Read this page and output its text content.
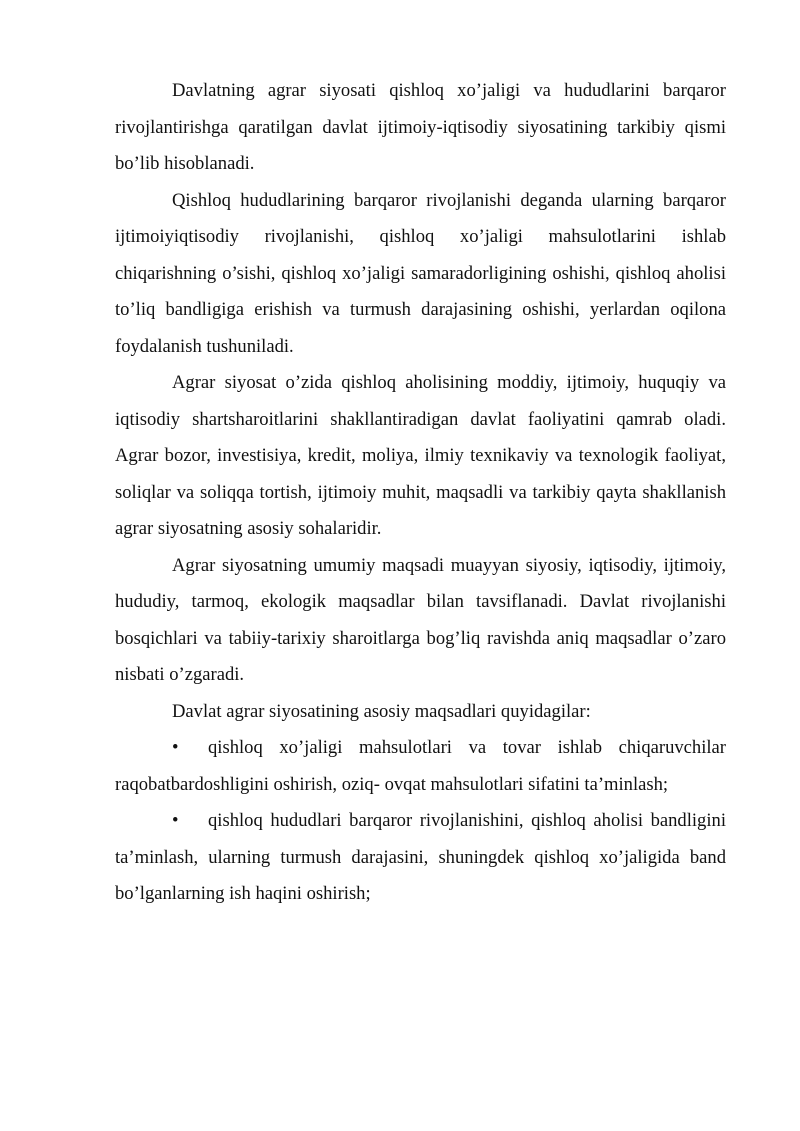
Davlatning agrar siyosati qishloq xo’jaligi va hududlarini barqaror rivojlantirishga qaratilgan davlat ijtimoiy-iqtisodiy siyosatining tarkibiy qismi bo’lib hisoblanadi.

Qishloq hududlarining barqaror rivojlanishi deganda ularning barqaror ijtimoiyiqtisodiy rivojlanishi, qishloq xo’jaligi mahsulotlarini ishlab chiqarishning o’sishi, qishloq xo’jaligi samaradorligining oshishi, qishloq aholisi to’liq bandligiga erishish va turmush darajasining oshishi, yerlardan oqilona foydalanish tushuniladi.

Agrar siyosat o’zida qishloq aholisining moddiy, ijtimoiy, huquqiy va iqtisodiy shartsharoitlarini shakllantiradigan davlat faoliyatini qamrab oladi. Agrar bozor, investisiya, kredit, moliya, ilmiy texnikaviy va texnologik faoliyat, soliqlar va soliqqa tortish, ijtimoiy muhit, maqsadli va tarkibiy qayta shakllanish agrar siyosatning asosiy sohalaridir.

Agrar siyosatning umumiy maqsadi muayyan siyosiy, iqtisodiy, ijtimoiy, hududiy, tarmoq, ekologik maqsadlar bilan tavsiflanadi. Davlat rivojlanishi bosqichlari va tabiiy-tarixiy sharoitlarga bog’liq ravishda aniq maqsadlar o’zaro nisbati o’zgaradi.

Davlat agrar siyosatining asosiy maqsadlari quyidagilar:

• qishloq xo’jaligi mahsulotlari va tovar ishlab chiqaruvchilar raqobatbardoshligini oshirish, oziq- ovqat mahsulotlari sifatini ta’minlash;

• qishloq hududlari barqaror rivojlanishini, qishloq aholisi bandligini ta’minlash, ularning turmush darajasini, shuningdek qishloq xo’jaligida band bo’lganlarning ish haqini oshirish;
